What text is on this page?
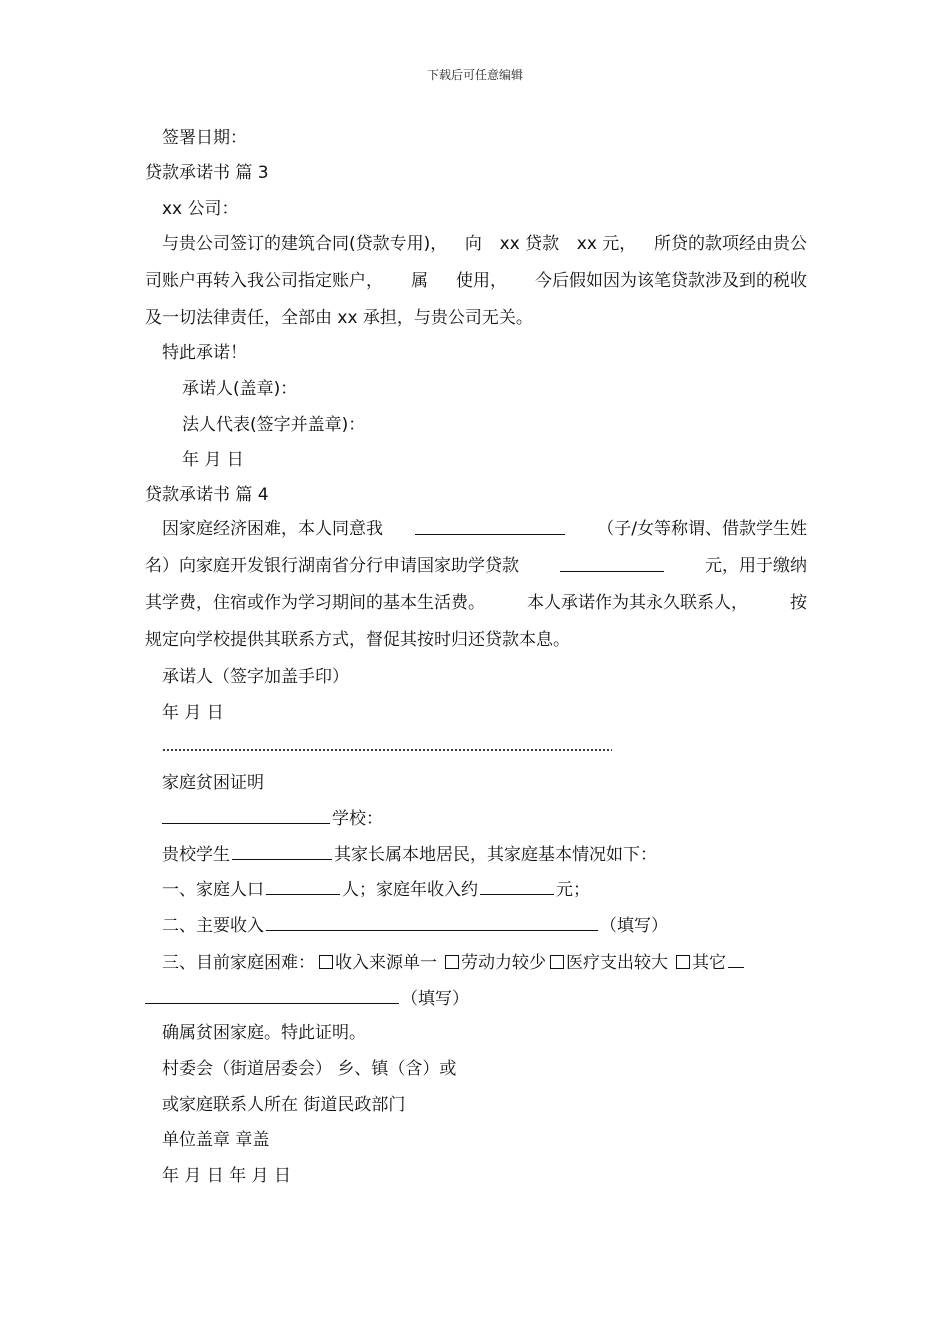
下载后可任意编辑
签署日期：
贷款承诺书 篇 3
xx 公司：
与贵公司签订的建筑合同(贷款专用)， 向 xx 贷款 xx 元， 所贷的款项经由贵公
司账户再转入我公司指定账户， 属 使用， 今后假如因为该笔贷款涉及到的税收
及一切法律责任，全部由 xx 承担，与贵公司无关。
特此承诺！
承诺人(盖章)：
法人代表(签字并盖章)：
年 月 日
贷款承诺书 篇 4
因家庭经济困难，本人同意我	（子/女等称谓、借款学生姓
名）向家庭开发银行湖南省分行申请国家助学贷款	元，用于缴纳
其学费，住宿或作为学习期间的基本生活费。 本人承诺作为其永久联系人， 按
规定向学校提供其联系方式，督促其按时归还贷款本息。
承诺人（签字加盖手印）
年 月 日
家庭贫困证明
学校：
贵校学生	其家长属本地居民，其家庭基本情况如下：
一、家庭人口	人；家庭年收入约	元；
二、主要收入	（填写）
三、目前家庭困难： 收入来源单一 劳动力较少 医疗支出较大 其它
（填写）
确属贫困家庭。特此证明。
村委会（街道居委会） 乡、镇（含）或
或家庭联系人所在 街道民政部门
单位盖章 章盖
年 月 日 年 月 日
